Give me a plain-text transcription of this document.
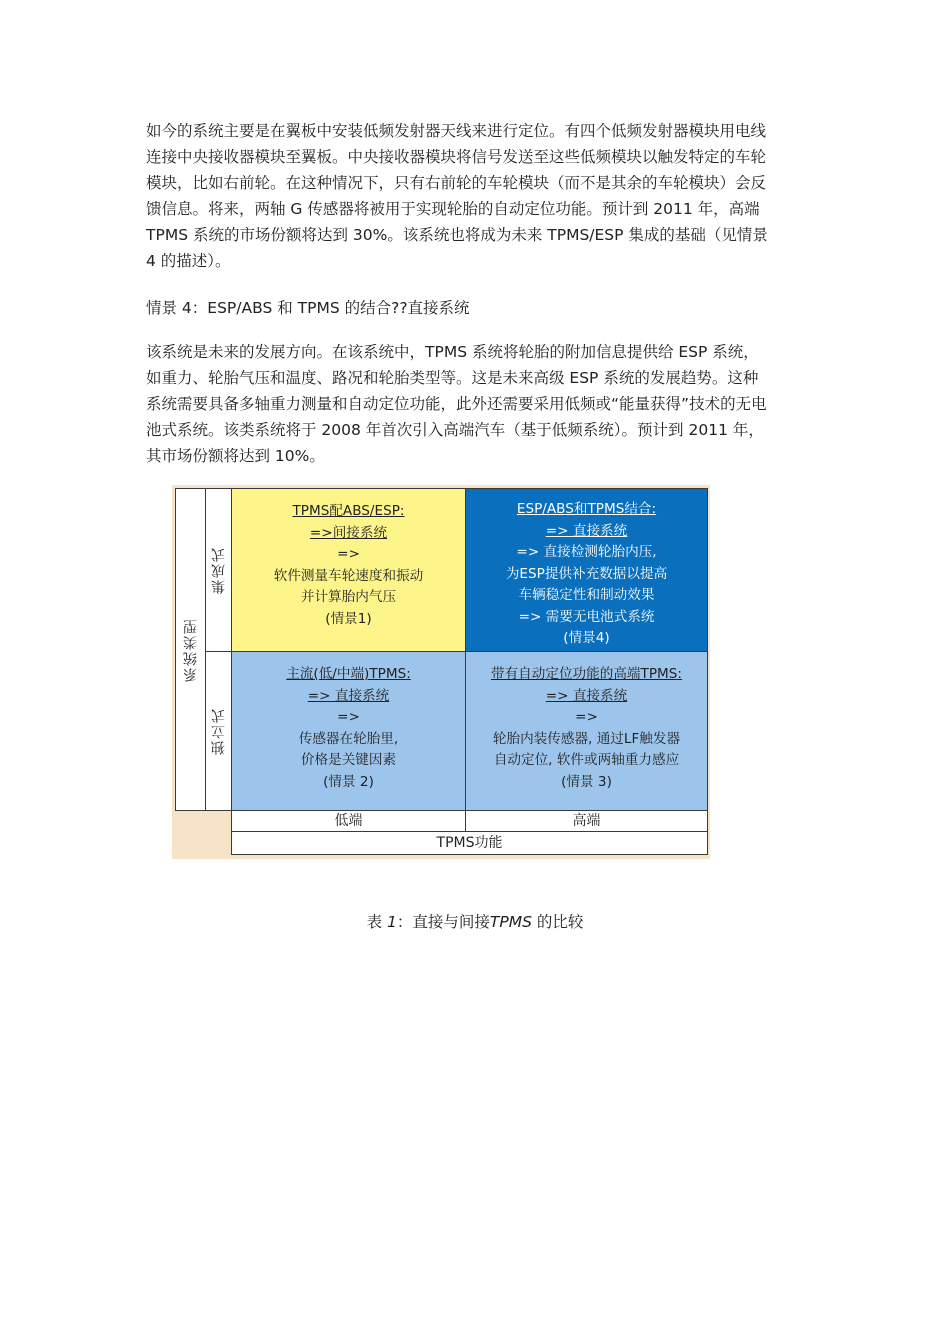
如今的系统主要是在翼板中安装低频发射器天线来进行定位。有四个低频发射器模块用电线
连接中央接收器模块至翼板。中央接收器模块将信号发送至这些低频模块以触发特定的车轮
模块，比如右前轮。在这种情况下，只有右前轮的车轮模块（而不是其余的车轮模块）会反
馈信息。将来，两轴 G 传感器将被用于实现轮胎的自动定位功能。预计到 2011 年，高端
TPMS 系统的市场份额将达到 30%。该系统也将成为未来 TPMS/ESP 集成的基础（见情景
4 的描述）。
情景 4：ESP/ABS 和 TPMS 的结合??直接系统
该系统是未来的发展方向。在该系统中，TPMS 系统将轮胎的附加信息提供给 ESP 系统，
如重力、轮胎气压和温度、路况和轮胎类型等。这是未来高级 ESP 系统的发展趋势。这种
系统需要具备多轴重力测量和自动定位功能，此外还需要采用低频或“能量获得”技术的无电
池式系统。该类系统将于 2008 年首次引入高端汽车（基于低频系统）。预计到 2011 年，
其市场份额将达到 10%。
系统类型
集成式
独立式
TPMS配ABS/ESP:
=>间接系统
=>
软件测量车轮速度和振动
并计算胎内气压
(情景1)
ESP/ABS和TPMS结合:
=> 直接系统
=> 直接检测轮胎内压,
为ESP提供补充数据以提高
车辆稳定性和制动效果
=> 需要无电池式系统
(情景4)
主流(低/中端)TPMS:
=> 直接系统
=>
传感器在轮胎里,
价格是关键因素
(情景 2)
带有自动定位功能的高端TPMS:
=> 直接系统
=>
轮胎内装传感器, 通过LF触发器
自动定位, 软件或两轴重力感应
(情景 3)
低端	高端
TPMS功能
表 1：直接与间接TPMS 的比较
